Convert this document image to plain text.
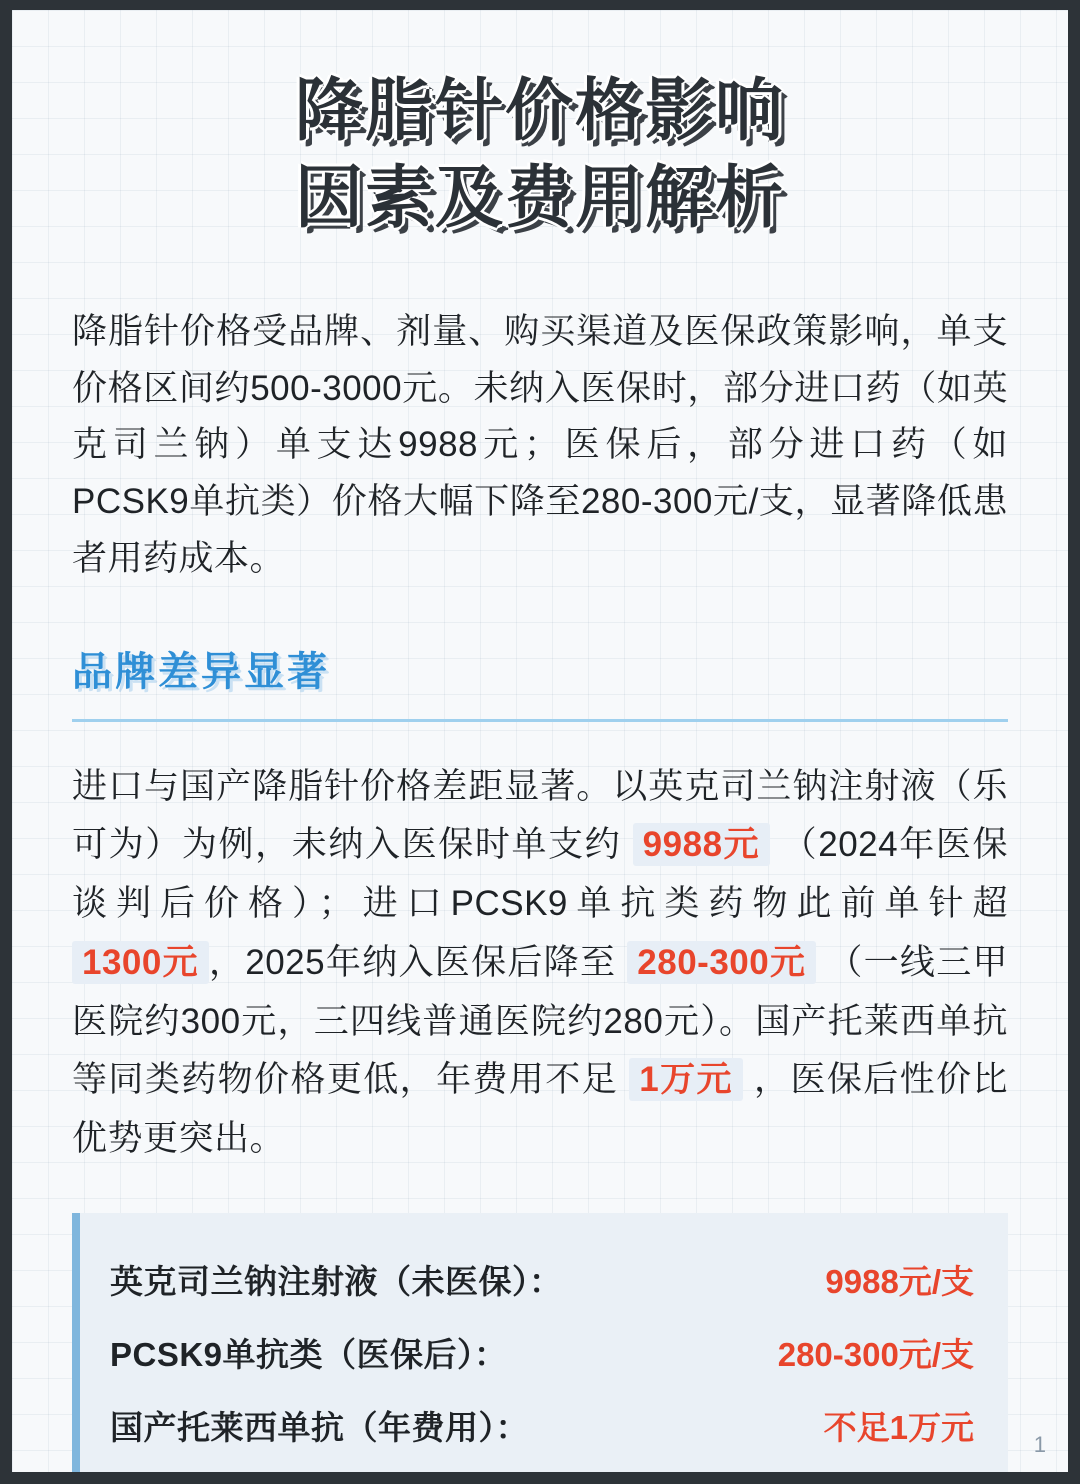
降脂针价格影响
因素及费用解析

降脂针价格受品牌、剂量、购买渠道及医保政策影响，单支价格区间约500-3000元。未纳入医保时，部分进口药（如英克司兰钠）单支达9988元；医保后，部分进口药（如PCSK9单抗类）价格大幅下降至280-300元/支，显著降低患者用药成本。

品牌差异显著

进口与国产降脂针价格差距显著。以英克司兰钠注射液（乐可为）为例，未纳入医保时单支约 9988元 （2024年医保谈判后价格）；进口PCSK9单抗类药物此前单针超 1300元 ，2025年纳入医保后降至 280-300元 （一线三甲医院约300元，三四线普通医院约280元）。国产托莱西单抗等同类药物价格更低，年费用不足 1万元 ，医保后性价比优势更突出。

英克司兰钠注射液（未医保）：	9988元/支
PCSK9单抗类（医保后）：	280-300元/支
国产托莱西单抗（年费用）：	不足1万元	1
